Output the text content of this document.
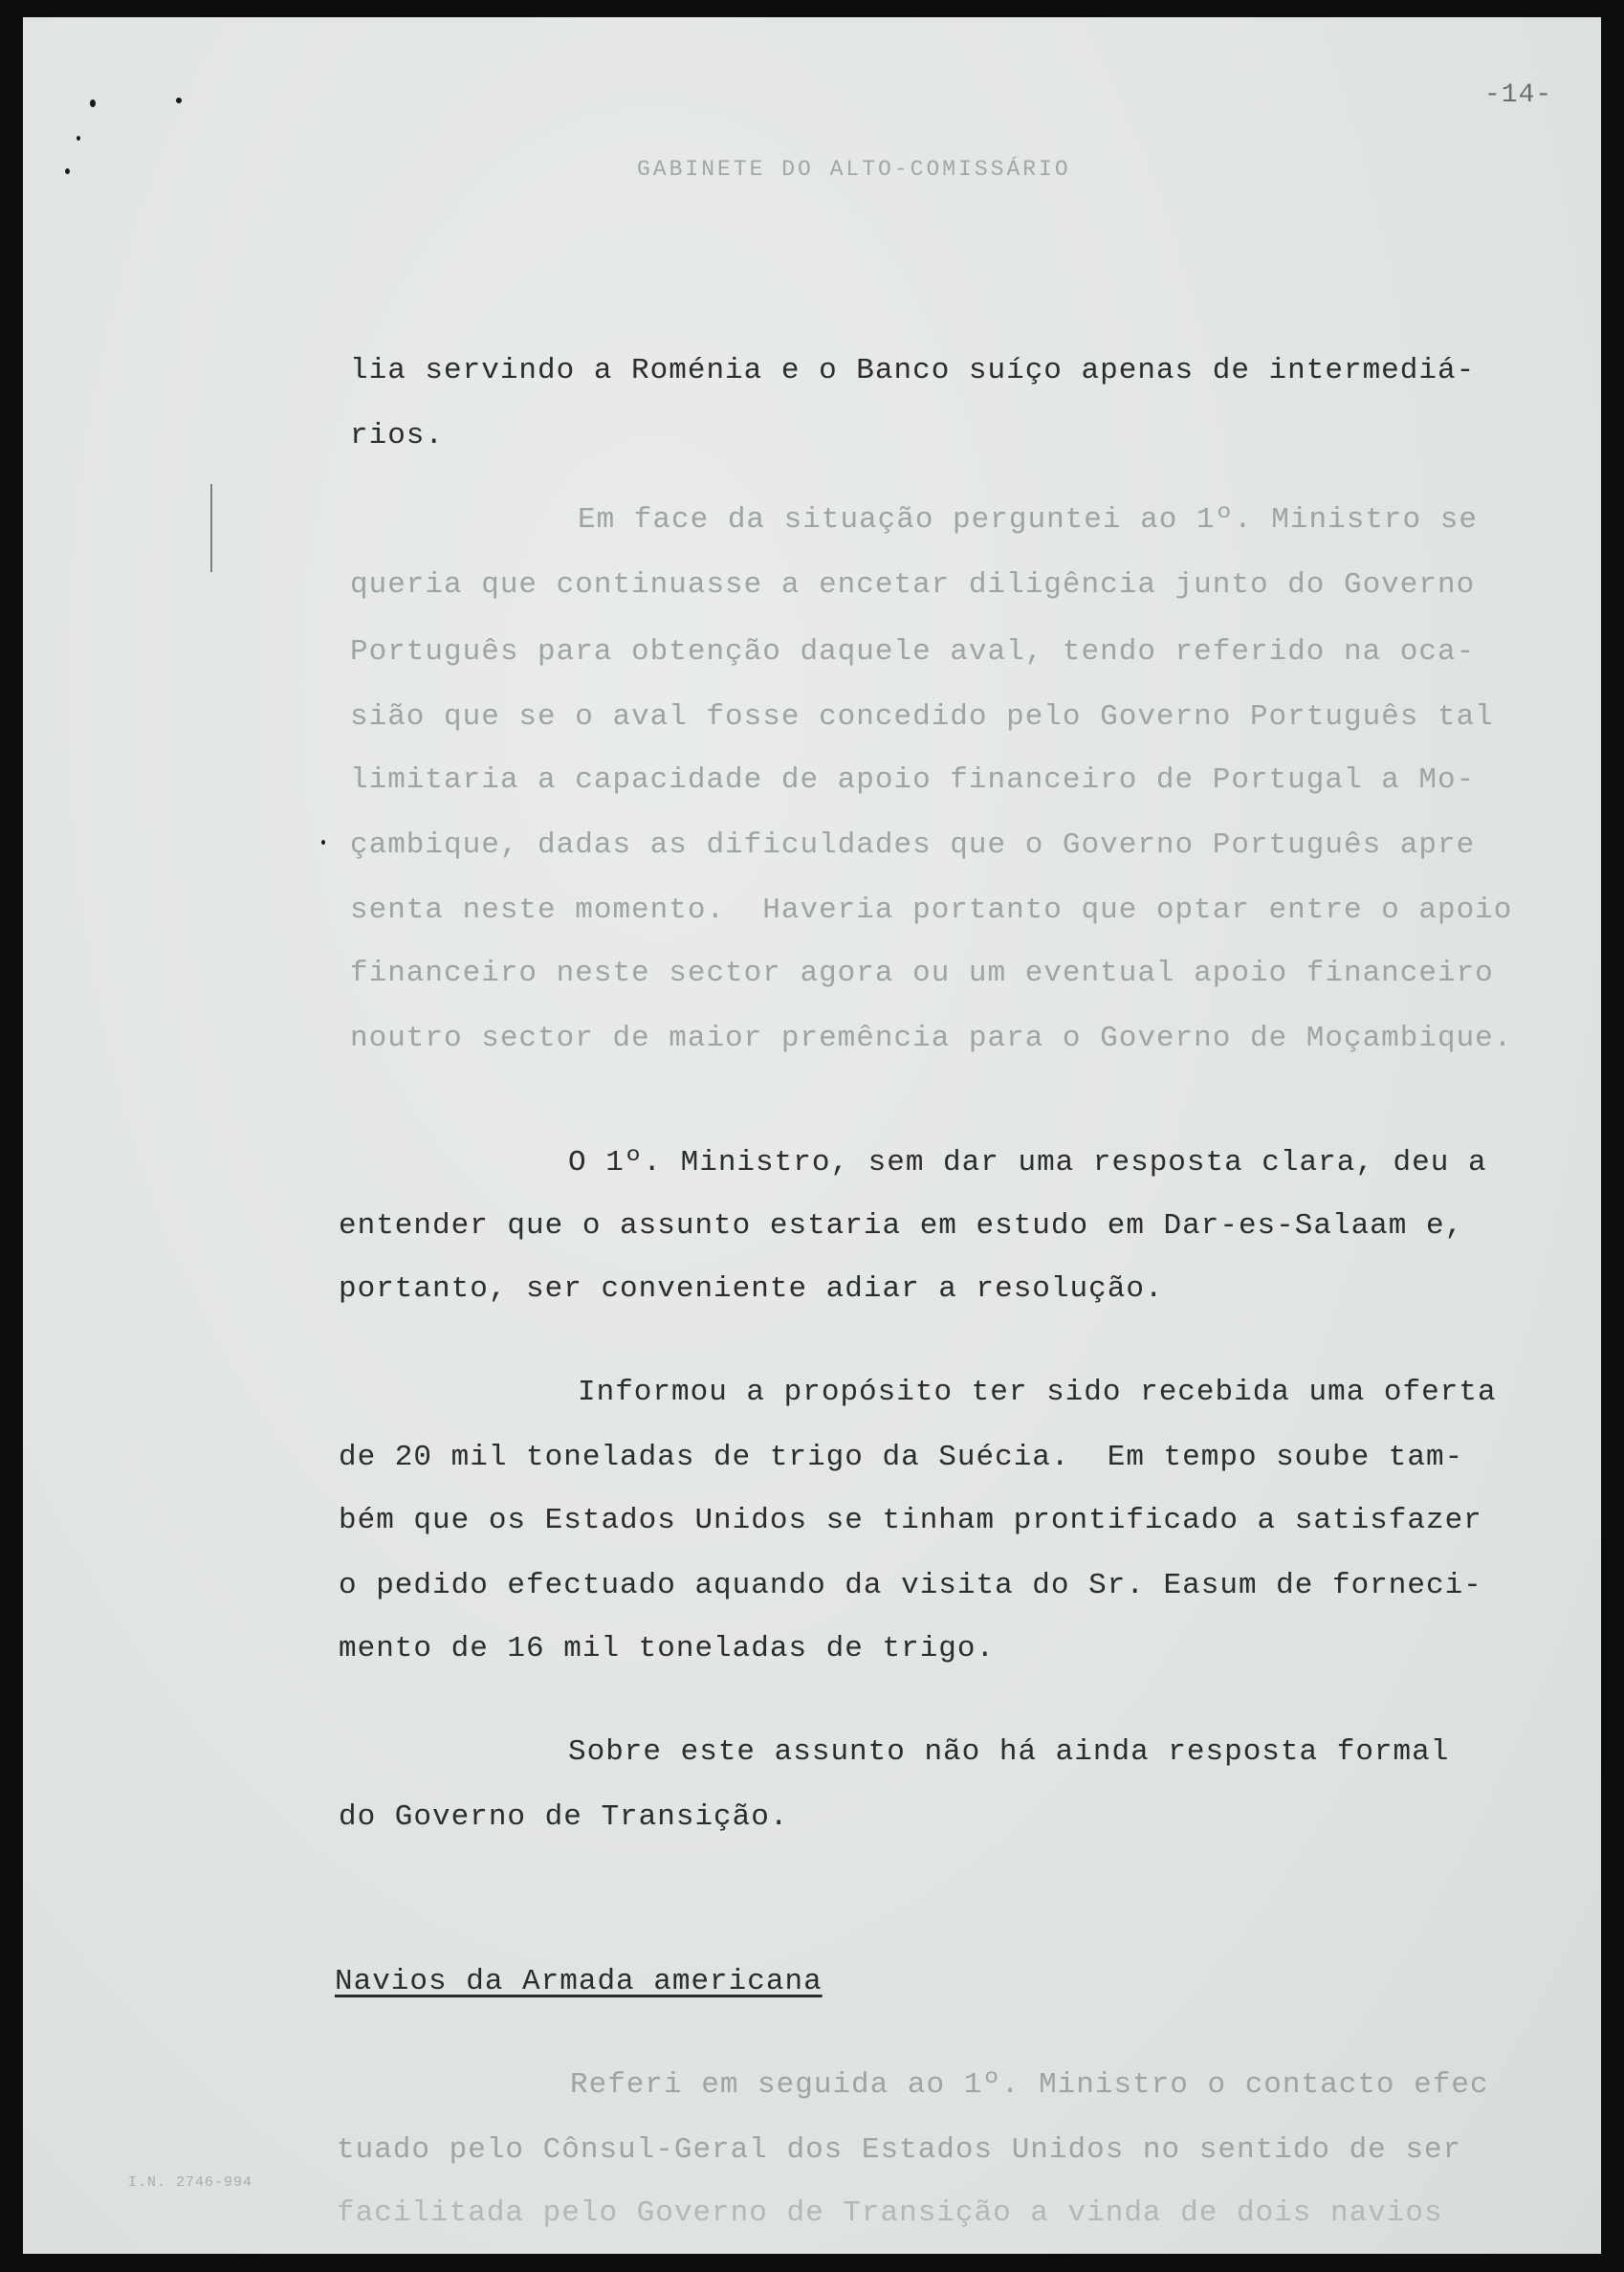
-14-
GABINETE DO ALTO-COMISSÁRIO
lia servindo a Roménia e o Banco suíço apenas de intermediá-
rios.
Em face da situação perguntei ao 1º. Ministro se
queria que continuasse a encetar diligência junto do Governo
Português para obtenção daquele aval, tendo referido na oca-
sião que se o aval fosse concedido pelo Governo Português tal
limitaria a capacidade de apoio financeiro de Portugal a Mo-
çambique, dadas as dificuldades que o Governo Português apre
senta neste momento.  Haveria portanto que optar entre o apoio
financeiro neste sector agora ou um eventual apoio financeiro
noutro sector de maior premência para o Governo de Moçambique.
O 1º. Ministro, sem dar uma resposta clara, deu a
entender que o assunto estaria em estudo em Dar-es-Salaam e,
portanto, ser conveniente adiar a resolução.
Informou a propósito ter sido recebida uma oferta
de 20 mil toneladas de trigo da Suécia.  Em tempo soube tam-
bém que os Estados Unidos se tinham prontificado a satisfazer
o pedido efectuado aquando da visita do Sr. Easum de forneci-
mento de 16 mil toneladas de trigo.
Sobre este assunto não há ainda resposta formal
do Governo de Transição.
Navios da Armada americana
Referi em seguida ao 1º. Ministro o contacto efec
tuado pelo Cônsul-Geral dos Estados Unidos no sentido de ser
facilitada pelo Governo de Transição a vinda de dois navios
I.N. 2746-994
